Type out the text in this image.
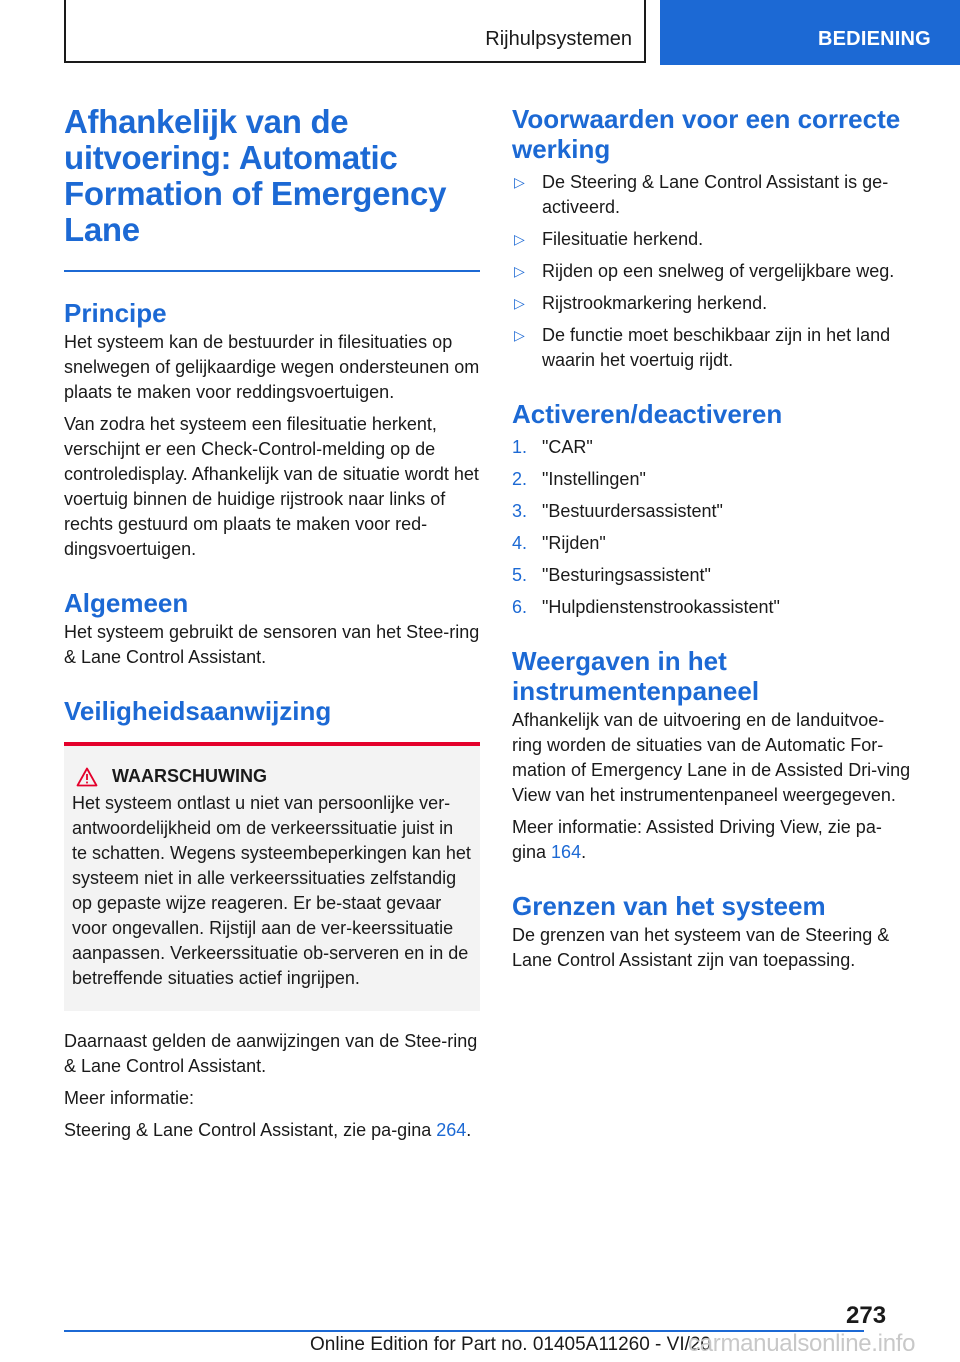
Rijhulpsystemen	BEDIENING
Afhankelijk van de uitvoering: Automatic Formation of Emergency Lane
Principe

Het systeem kan de bestuurder in filesituaties op snelwegen of gelijkaardige wegen ondersteunen om plaats te maken voor reddingsvoertuigen.

Van zodra het systeem een filesituatie herkent, verschijnt er een Check-Control-melding op de controledisplay. Afhankelijk van de situatie wordt het voertuig binnen de huidige rijstrook naar links of rechts gestuurd om plaats te maken voor red-dingsvoertuigen.

Algemeen

Het systeem gebruikt de sensoren van het Stee-ring & Lane Control Assistant.

Veiligheidsaanwijzing
WAARSCHUWING

Het systeem ontlast u niet van persoonlijke ver-antwoordelijkheid om de verkeerssituatie juist in te schatten. Wegens systeembeperkingen kan het systeem niet in alle verkeerssituaties zelfstandig op gepaste wijze reageren. Er be-staat gevaar voor ongevallen. Rijstijl aan de ver-keerssituatie aanpassen. Verkeerssituatie ob-serveren en in de betreffende situaties actief ingrijpen.

Daarnaast gelden de aanwijzingen van de Stee-ring & Lane Control Assistant.

Meer informatie:

Steering & Lane Control Assistant, zie pa-gina 264.

Voorwaarden voor een correcte werking
▷ De Steering & Lane Control Assistant is ge-activeerd.
▷ Filesituatie herkend.
▷ Rijden op een snelweg of vergelijkbare weg.
▷ Rijstrookmarkering herkend.
▷ De functie moet beschikbaar zijn in het land waarin het voertuig rijdt.
Activeren/deactiveren
1. "CAR"
2. "Instellingen"
3. "Bestuurdersassistent"
4. "Rijden"
5. "Besturingsassistent"
6. "Hulpdienstenstrookassistent"
Weergaven in het instrumentenpaneel

Afhankelijk van de uitvoering en de landuitvoe-ring worden de situaties van de Automatic For-mation of Emergency Lane in de Assisted Dri-ving View van het instrumentenpaneel weergegeven.

Meer informatie: Assisted Driving View, zie pa-gina 164.

Grenzen van het systeem

De grenzen van het systeem van de Steering & Lane Control Assistant zijn van toepassing.

273
Online Edition for Part no. 01405A11260 - VI/20
carmanualsonline.info
